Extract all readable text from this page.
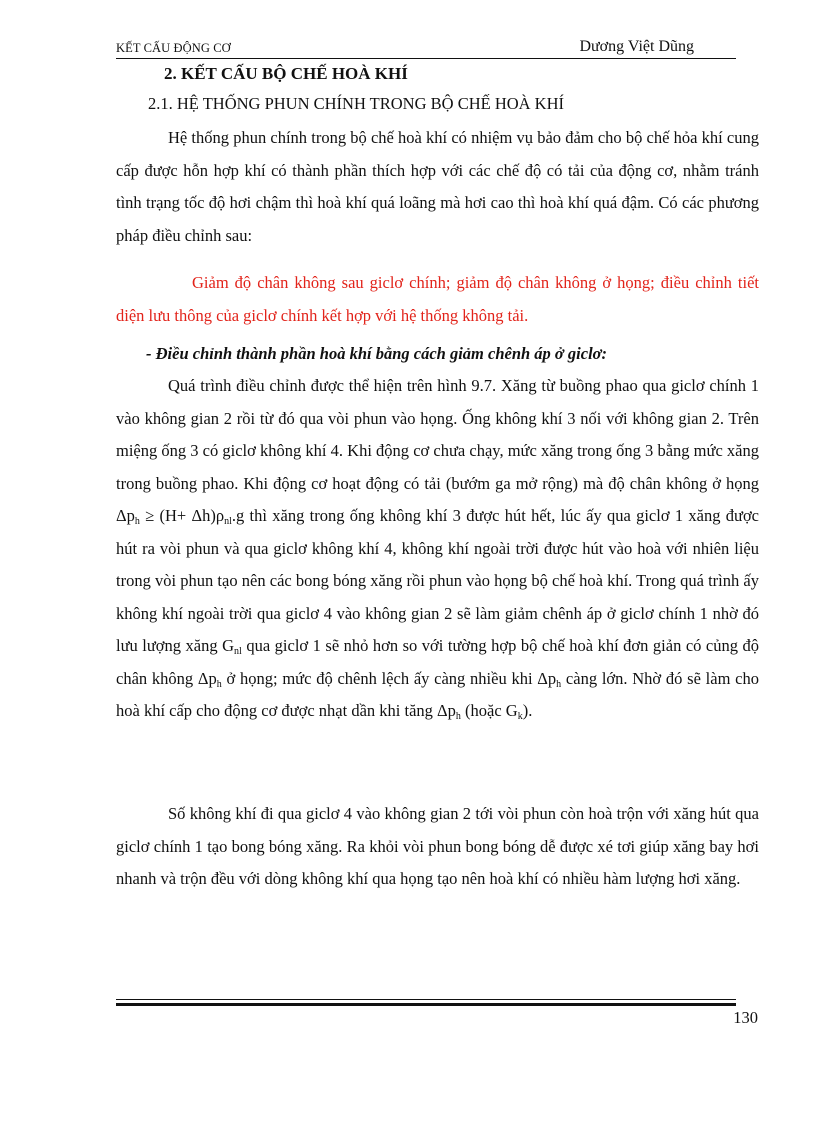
KẾT CẤU ĐỘNG CƠ	Dương Việt Dũng
2. KẾT CẤU BỘ CHẾ HOÀ KHÍ
2.1. HỆ THỐNG PHUN CHÍNH TRONG BỘ CHẾ HOÀ KHÍ

Hệ thống phun chính trong bộ chế hoà khí có nhiệm vụ bảo đảm cho bộ chế hỏa khí cung cấp được hỗn hợp khí có thành phần thích hợp với các chế độ có tải của động cơ, nhằm tránh tình trạng tốc độ hơi chậm thì hoà khí quá loãng mà hơi cao thì hoà khí quá đậm. Có các phương pháp điều chỉnh sau:

Giảm độ chân không sau giclơ chính; giảm độ chân không ở họng; điều chỉnh tiết diện lưu thông của giclơ chính kết hợp với hệ thống không tải.

- Điều chỉnh thành phần hoà khí bằng cách giảm chênh áp ở giclơ:

Quá trình điều chỉnh được thể hiện trên hình 9.7. Xăng từ buồng phao qua giclơ chính 1 vào không gian 2 rồi từ đó qua vòi phun vào họng. Ống không khí 3 nối với không gian 2. Trên miệng ống 3 có giclơ không khí 4. Khi động cơ chưa chạy, mức xăng trong ống 3 bằng mức xăng trong buồng phao. Khi động cơ hoạt động có tải (bướm ga mở rộng) mà độ chân không ở họng $\Delta p_h \ge (H+ \Delta h)\rho_{nl}.g$ thì xăng trong ống không khí 3 được hút hết, lúc ấy qua giclơ 1 xăng được hút ra vòi phun và qua giclơ không khí 4, không khí ngoài trời được hút vào hoà với nhiên liệu trong vòi phun tạo nên các bong bóng xăng rồi phun vào họng bộ chế hoà khí. Trong quá trình ấy không khí ngoài trời qua giclơ 4 vào không gian 2 sẽ làm giảm chênh áp ở giclơ chính 1 nhờ đó lưu lượng xăng $G_{nl}$ qua giclơ 1 sẽ nhỏ hơn so với tường hợp bộ chế hoà khí đơn giản có củng độ chân không $\Delta p_h$ ở họng; mức độ chênh lệch ấy càng nhiều khi $\Delta p_h$ càng lớn. Nhờ đó sẽ làm cho hoà khí cấp cho động cơ được nhạt dần khi tăng $\Delta p_h$ (hoặc $G_k$).

Số không khí đi qua giclơ 4 vào không gian 2 tới vòi phun còn hoà trộn với xăng hút qua giclơ chính 1 tạo bong bóng xăng. Ra khỏi vòi phun bong bóng dễ được xé tơi giúp xăng bay hơi nhanh và trộn đều với dòng không khí qua họng tạo nên hoà khí có nhiều hàm lượng hơi xăng.

130
